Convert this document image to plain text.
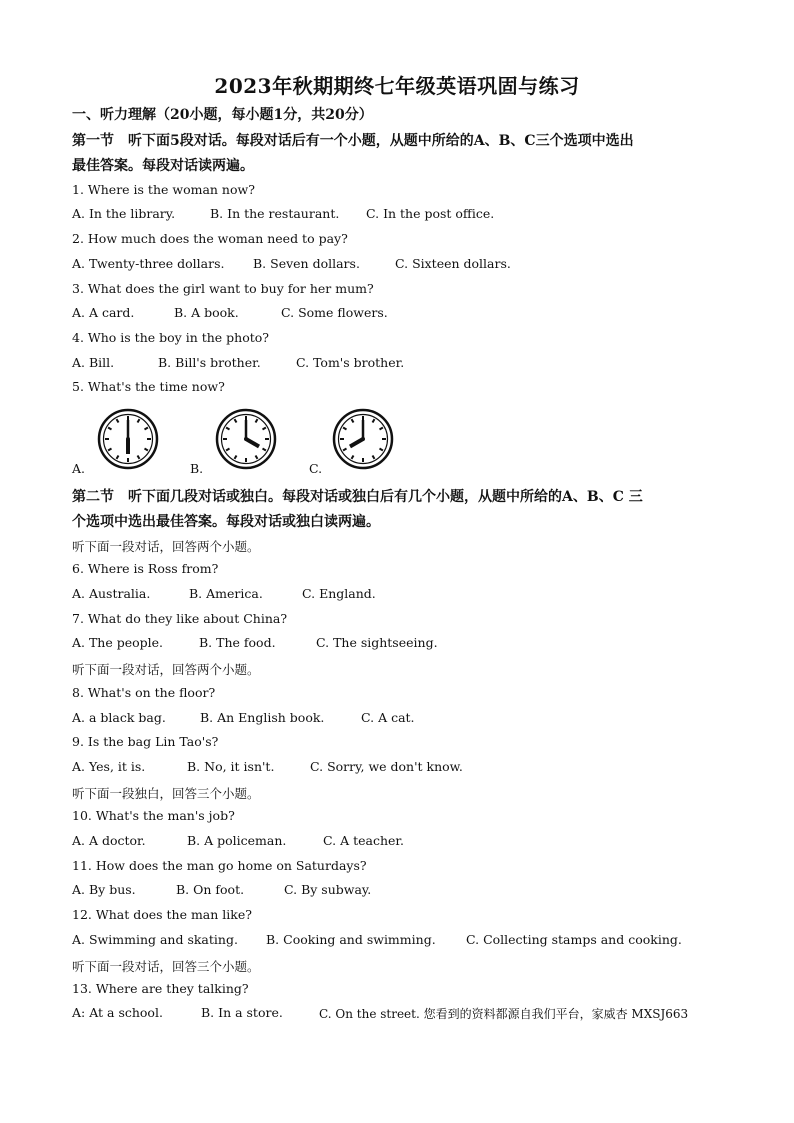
2023年秋期期终七年级英语巩固与练习
一、听力理解（20小题，每小题1分，共20分）
第一节　听下面5段对话。每段对话后有一个小题，从题中所给的A、B、C三个选项中选出
最佳答案。每段对话读两遍。
1. Where is the woman now?
A. In the library.	B. In the restaurant. C. In the post office.
2. How much does the woman need to pay?
A. Twenty-three dollars. B. Seven dollars.	C. Sixteen dollars.
3. What does the girl want to buy for her mum?
A. A card.	B. A book.	C. Some flowers.
4. Who is the boy in the photo?
A. Bill.	B. Bill's brother.	C. Tom's brother.
5. What's the time now?
A.	B.	C.
第二节　听下面几段对话或独白。每段对话或独白后有几个小题，从题中所给的A、B、C 三
个选项中选出最佳答案。每段对话或独白读两遍。
听下面一段对话，回答两个小题。
6. Where is Ross from?
A. Australia.	B. America.	C. England.
7. What do they like about China?
A. The people.	B. The food.	C. The sightseeing.
听下面一段对话，回答两个小题。
8. What's on the floor?
A. a black bag.	B. An English book.	C. A cat.
9. Is the bag Lin Tao's?
A. Yes, it is.	B. No, it isn't.	C. Sorry, we don't know.
听下面一段独白，回答三个小题。
10. What's the man's job?
A. A doctor.	B. A policeman.	C. A teacher.
11. How does the man go home on Saturdays?
A. By bus.	B. On foot.	C. By subway.
12. What does the man like?
A. Swimming and skating. B. Cooking and swimming. C. Collecting stamps and cooking.
听下面一段对话，回答三个小题。
13. Where are they talking?
A: At a school.	B. In a store.	C. On the street. 您看到的资料都源自我们平台，家威杏 MXSJ663
